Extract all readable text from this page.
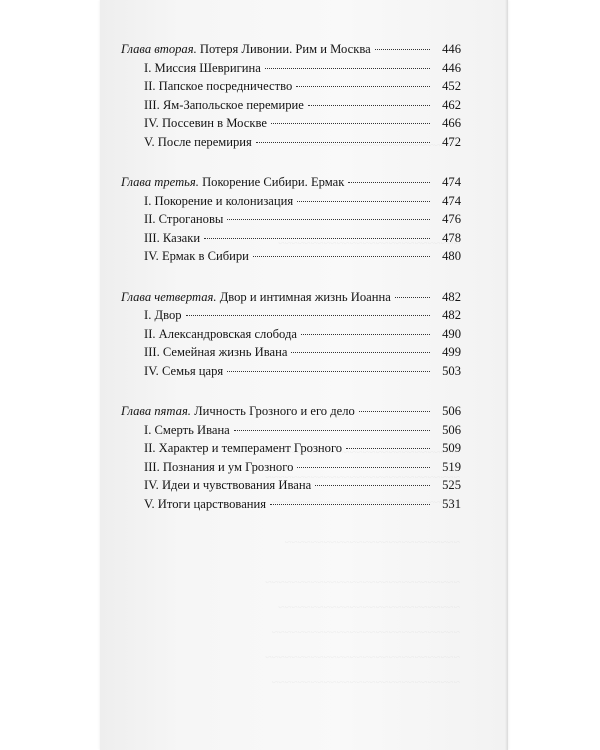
Глава вторая. Потеря Ливонии. Рим и Москва	446
I. Миссия Шевригина	446
II. Папское посредничество	452
III. Ям-Запольское перемирие	462
IV. Поссевин в Москве	466
V. После перемирия	472
Глава третья. Покорение Сибири. Ермак	474
I. Покорение и колонизация	474
II. Строгановы	476
III. Казаки	478
IV. Ермак в Сибири	480
Глава четвертая. Двор и интимная жизнь Иоанна	482
I. Двор	482
II. Александровская слобода	490
III. Семейная жизнь Ивана	499
IV. Семья царя	503
Глава пятая. Личность Грозного и его дело	506
I. Смерть Ивана	506
II. Характер и темперамент Грозного	509
III. Познания и ум Грозного	519
IV. Идеи и чувствования Ивана	525
V. Итоги царствования	531
